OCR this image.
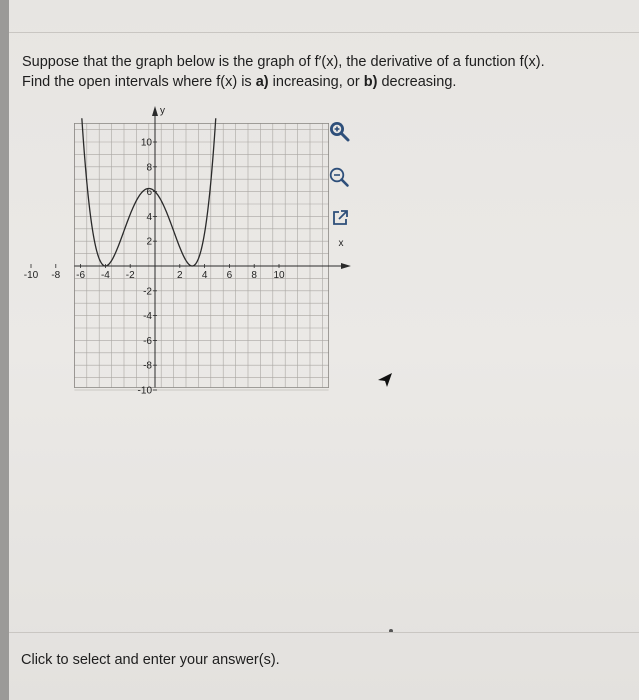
Suppose that the graph below is the graph of f′(x), the derivative of a function f(x).
Find the open intervals where f(x) is a) increasing, or b) decreasing.
x
y
-10 -8 -6 -4 -2	2 4 6 8 10
10
8
6
4
2
-2
-4
-6
-8
-10
Click to select and enter your answer(s).
